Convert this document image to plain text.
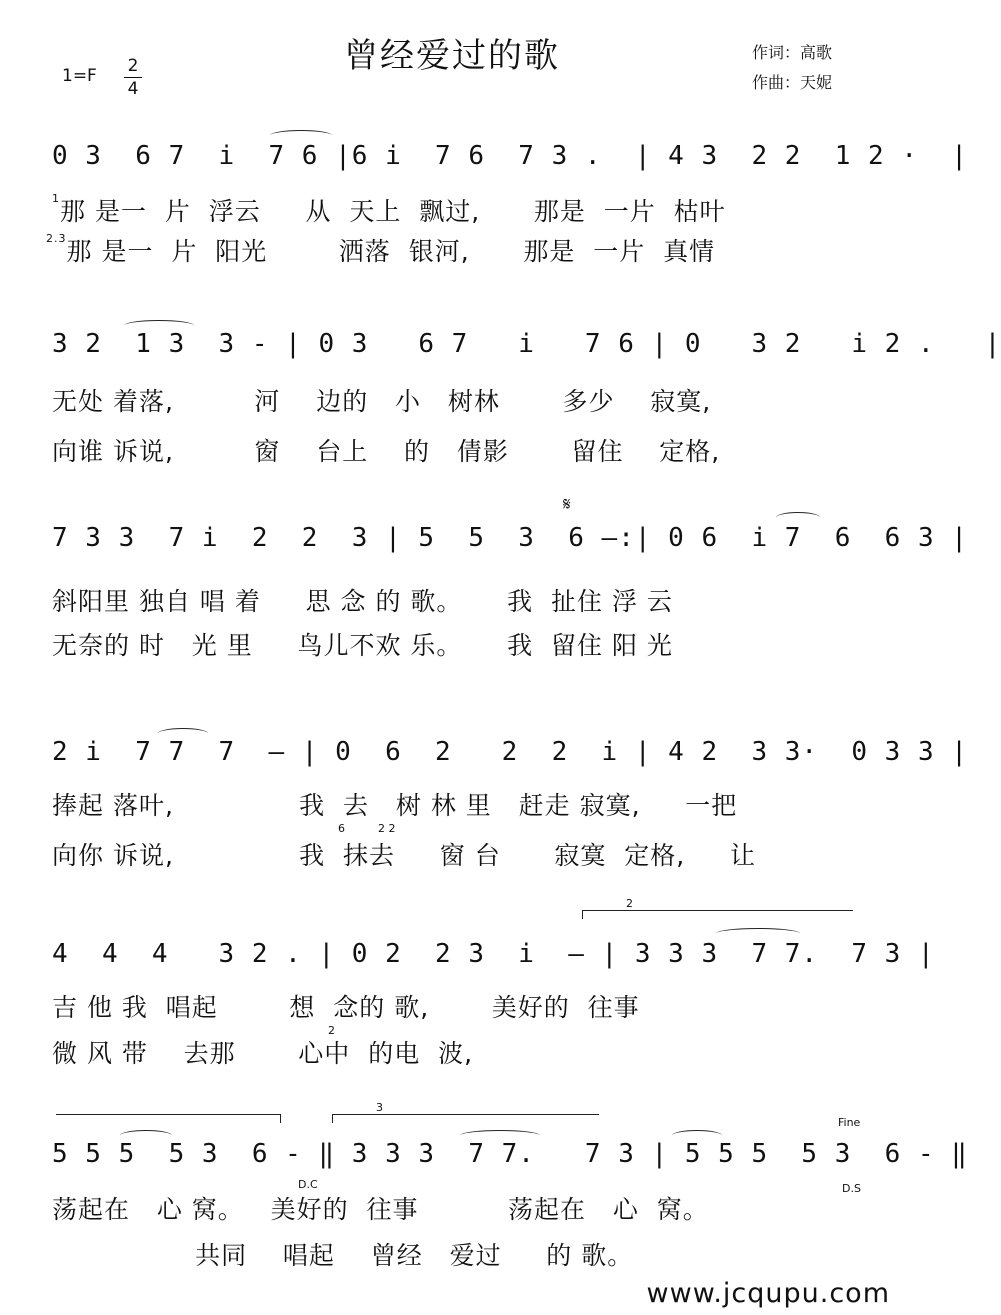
曾经爱过的歌
1=F 2
4
作词：高歌
作曲：天妮
0 3  6 7  i  7 6 |6 i  7 6  7 3 .  | 4 3  2 2  1 2 ·  |
$^1$那 是一  片  浮云     从  天上  飘过,      那是  一片  枯叶
$^{2.3}$那 是一  片  阳光        洒落  银河,      那是  一片  真情
3 2  1 3  3 - | 0 3   6 7   i   7 6 | 0   3 2   i 2 .   |
无处 着落,         河    边的   小   树林       多少    寂寞,
向谁 诉说,         窗    台上    的   倩影       留住    定格,
𝄋
7 3 3  7 i  2  2  3 | 5  5  3  6 —:| 0 6  i 7  6  6 3 |
斜阳里 独自 唱 着     思 念 的 歌。     我  扯住 浮 云
无奈的 时   光 里     鸟儿不欢 乐。     我  留住 阳 光
2 i  7 7  7  — | 0  6  2   2  2  i | 4 2  3 3·  0 3 3 |
捧起 落叶,              我  去   树 林 里   赶走 寂寞,     一把
6	2 2
向你 诉说,              我  抹去     窗 台      寂寞  定格,     让
2
4  4  4   3 2 . | 0 2  2 3  i  — | 3 3 3  7 7.  7 3 |
吉 他 我  唱起        想  念的 歌,       美好的  往事
2
微 风 带    去那       心中  的电  波,
3
Fine
5 5 5  5 3  6 - ‖ 3 3 3  7 7.   7 3 | 5 5 5  5 3  6 - ‖
D.C	D.S
荡起在   心 窝。   美好的  往事          荡起在   心  窝。
共同    唱起    曾经   爱过     的 歌。
www.jcqupu.com
